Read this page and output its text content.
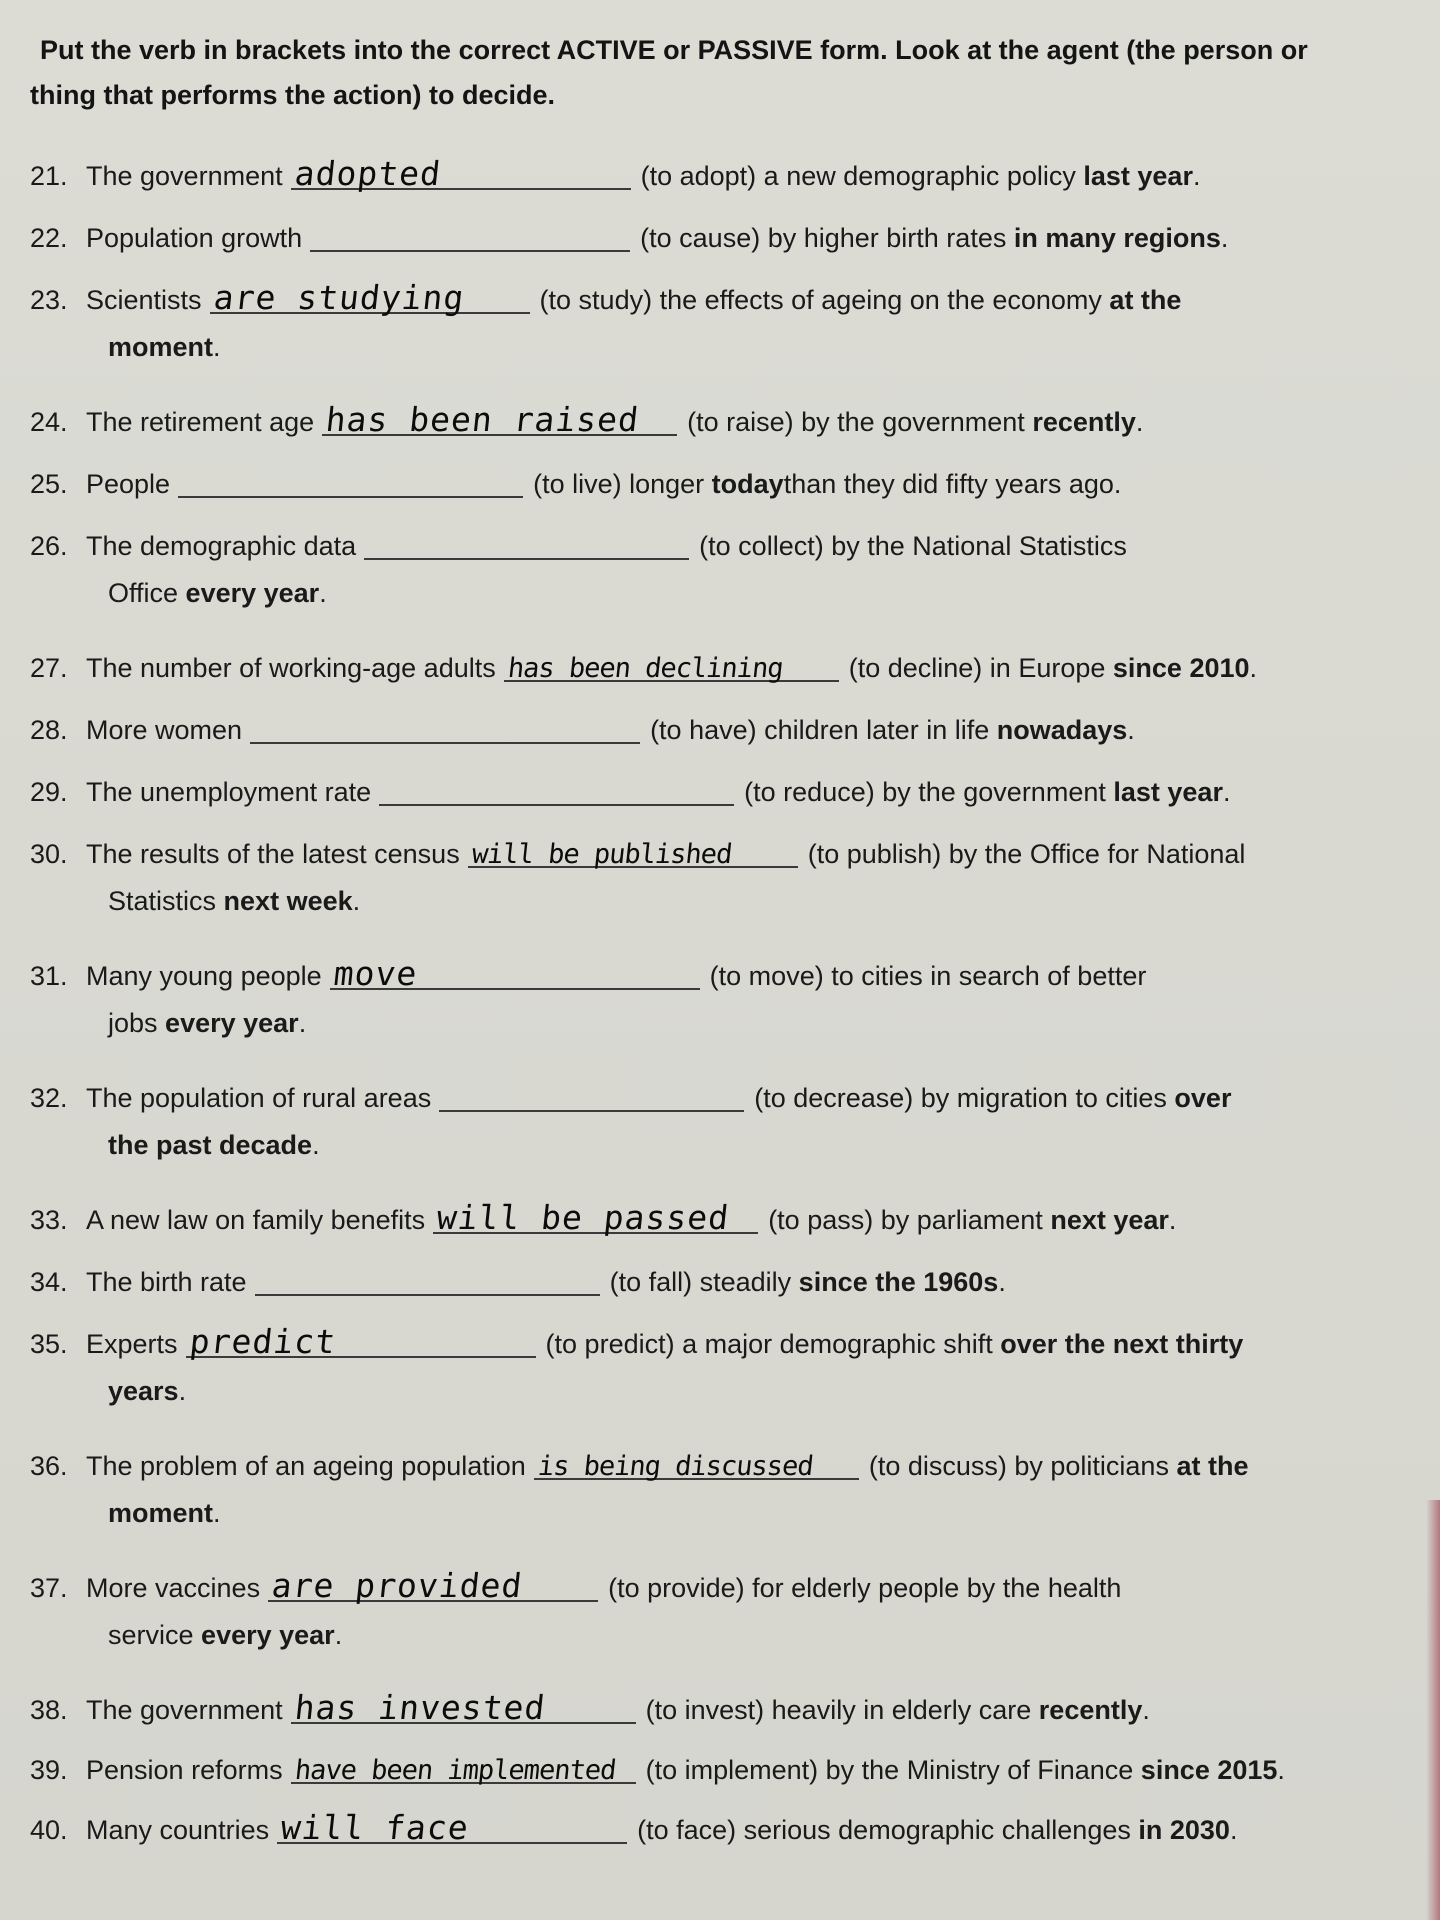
Put the verb in brackets into the correct ACTIVE or PASSIVE form. Look at the agent (the person or
thing that performs the action) to decide.
21. The government adopted	(to adopt) a new demographic policy
last year .
22. Population growth	(to cause) by higher birth rates
in many regions .
23. Scientists are studying	(to study) the effects of ageing on the economy
at the
moment.
24. The retirement age has been raised (to raise) by the government
recently .
25. People	(to live) longer
today than they did fifty years ago.
26. The demographic data	(to collect) by the National Statistics
Office every year.
27. The number of working-age adults has been declining (to decline) in Europe
since 2010 .
28. More women	(to have) children later in life
nowadays .
29. The unemployment rate	(to reduce) by the government
last year .
30. The results of the latest census will be published	(to publish) by the Office for National
Statistics next week.
31. Many young people move	(to move) to cities in search of better
jobs every year.
32. The population of rural areas	(to decrease) by migration to cities
over
the past decade.
33. A new law on family benefits will be passed (to pass) by parliament
next year .
34. The birth rate	(to fall) steadily
since the 1960s .
35. Experts predict	(to predict) a major demographic shift
over the next thirty
years.
36. The problem of an ageing population is being discussed (to discuss) by politicians
at the
moment.
37. More vaccines are provided	(to provide) for elderly people by the health
service every year.
38. The government has invested	(to invest) heavily in elderly care
recently .
39. Pension reforms have been implemented (to implement) by the Ministry of Finance
since 2015 .
40. Many countries will face	(to face) serious demographic challenges
in 2030 .
